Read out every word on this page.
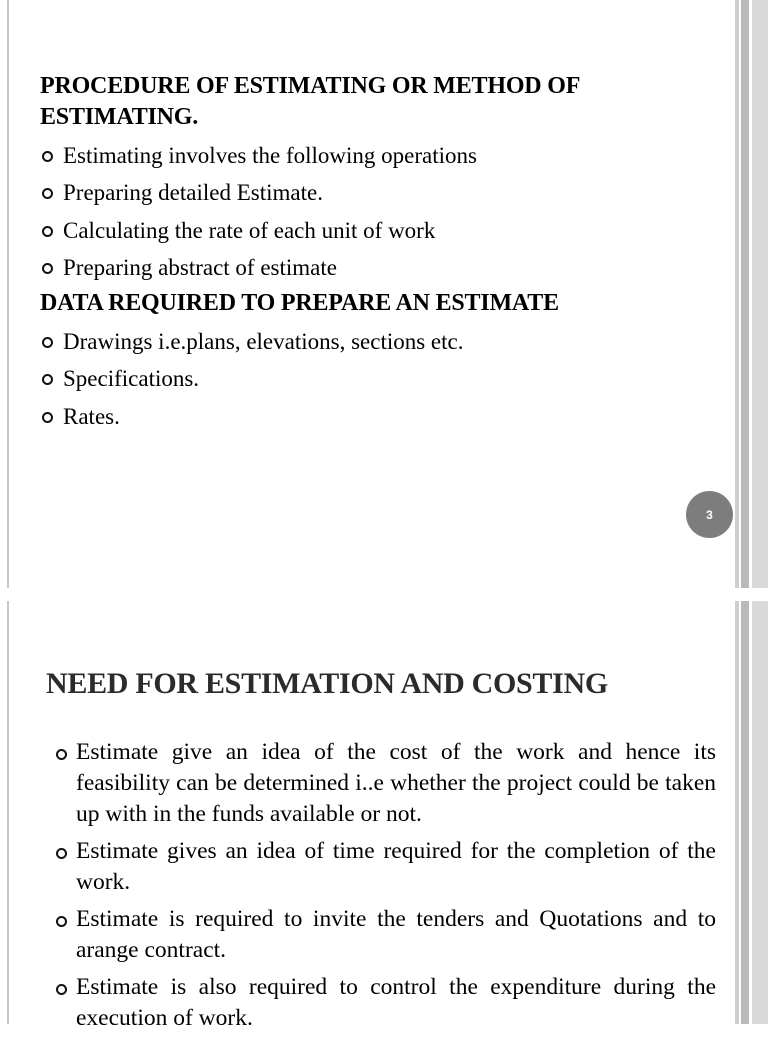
PROCEDURE OF ESTIMATING OR METHOD OF ESTIMATING.
Estimating involves the following operations
Preparing detailed Estimate.
Calculating the rate of each unit of work
Preparing abstract of estimate
DATA REQUIRED TO PREPARE AN ESTIMATE
Drawings i.e.plans, elevations, sections etc.
Specifications.
Rates.
3
NEED FOR ESTIMATION AND COSTING
Estimate give an idea of the cost of the work and hence its feasibility can be determined i..e whether the project could be taken up with in the funds available or not.
Estimate gives an idea of time required for the completion of the work.
Estimate is required to invite the tenders and Quotations and to arange contract.
Estimate is also required to control the expenditure during the execution of work.
